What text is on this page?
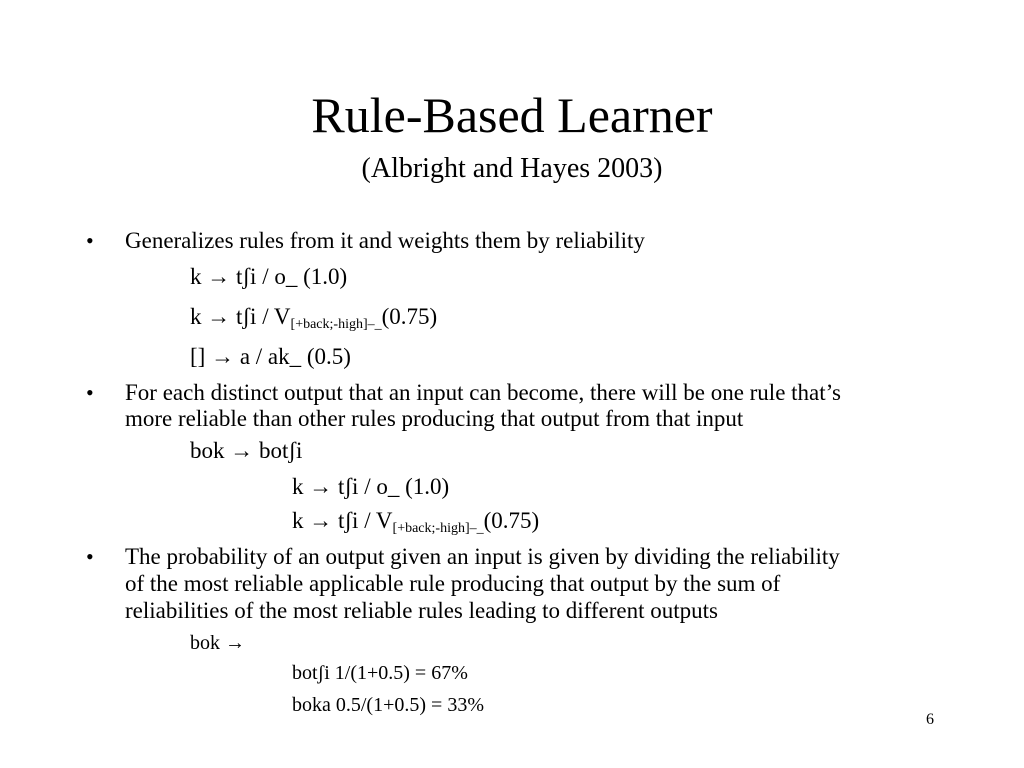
Rule-Based Learner
(Albright and Hayes 2003)
• Generalizes rules from it and weights them by reliability
k → tʃi / o_ (1.0)
k → tʃi / $V_{[+back;-high]-\_}(0.75)$
[] → a / ak_ (0.5)
• For each distinct output that an input can become, there will be one rule that’s
more reliable than other rules producing that output from that input
bok → botʃi
k → tʃi / o_ (1.0)
k → tʃi / $V_{[+back;-high]-\_}(0.75)$
• The probability of an output given an input is given by dividing the reliability
of the most reliable applicable rule producing that output by the sum of
reliabilities of the most reliable rules leading to different outputs
bok →
botʃi 1/(1+0.5) = 67%
boka 0.5/(1+0.5) = 33%
6
